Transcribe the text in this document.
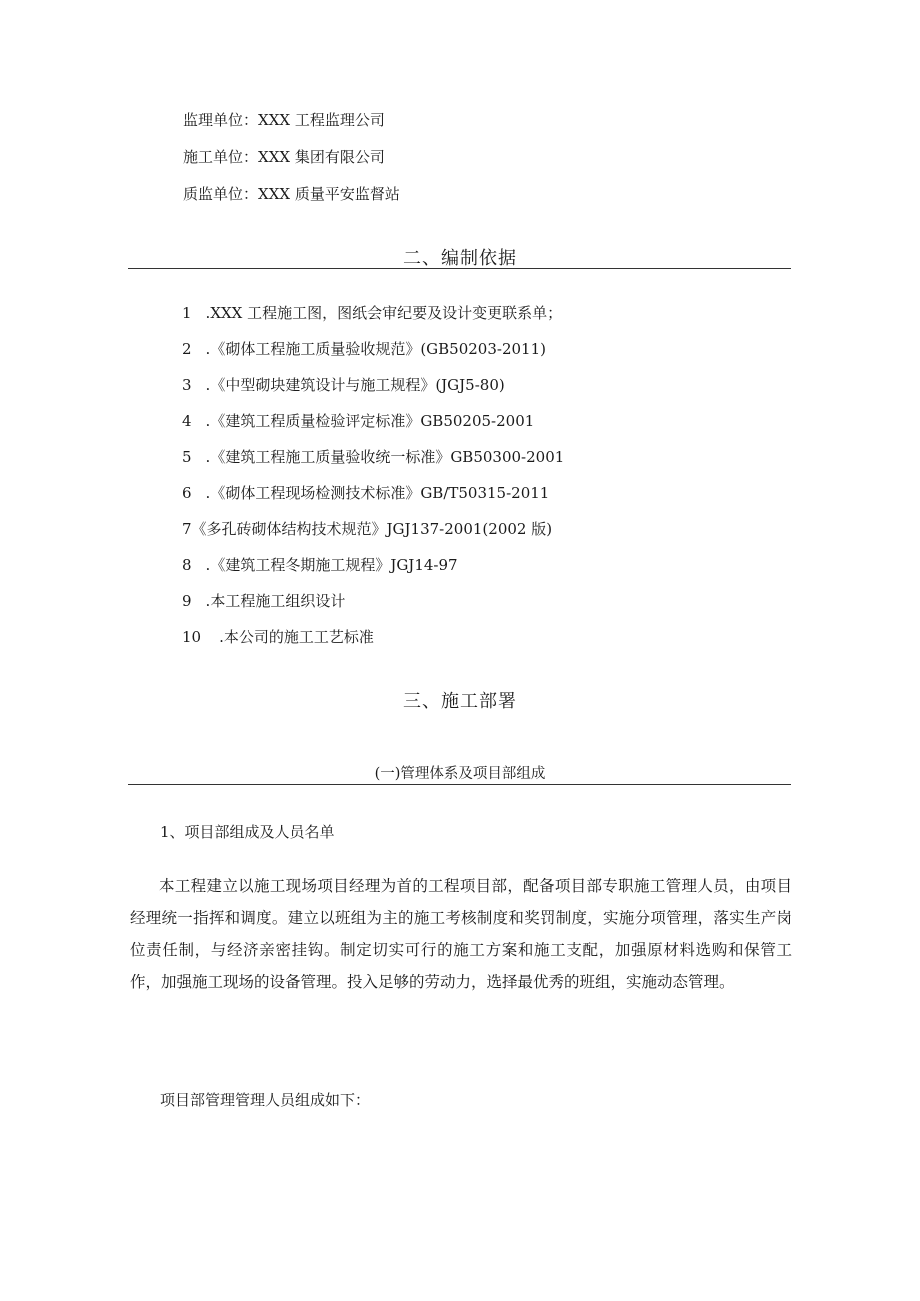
监理单位：XXX 工程监理公司
施工单位：XXX 集团有限公司
质监单位：XXX 质量平安监督站
二、编制依据
1 .XXX 工程施工图，图纸会审纪要及设计变更联系单；
2 .《砌体工程施工质量验收规范》(GB50203-2011)
3 .《中型砌块建筑设计与施工规程》(JGJ5-80)
4 .《建筑工程质量检验评定标准》GB50205-2001
5 .《建筑工程施工质量验收统一标准》GB50300-2001
6 .《砌体工程现场检测技术标准》GB/T50315-2011
7《多孔砖砌体结构技术规范》JGJ137-2001(2002 版)
8 .《建筑工程冬期施工规程》JGJ14-97
9 .本工程施工组织设计
10 .本公司的施工工艺标准
三、施工部署
(一)管理体系及项目部组成
1、项目部组成及人员名单
本工程建立以施工现场项目经理为首的工程项目部，配备项目部专职施工管理人员，由项目经理统一指挥和调度。建立以班组为主的施工考核制度和奖罚制度，实施分项管理，落实生产岗位责任制，与经济亲密挂钩。制定切实可行的施工方案和施工支配，加强原材料选购和保管工作，加强施工现场的设备管理。投入足够的劳动力，选择最优秀的班组，实施动态管理。
项目部管理管理人员组成如下：
